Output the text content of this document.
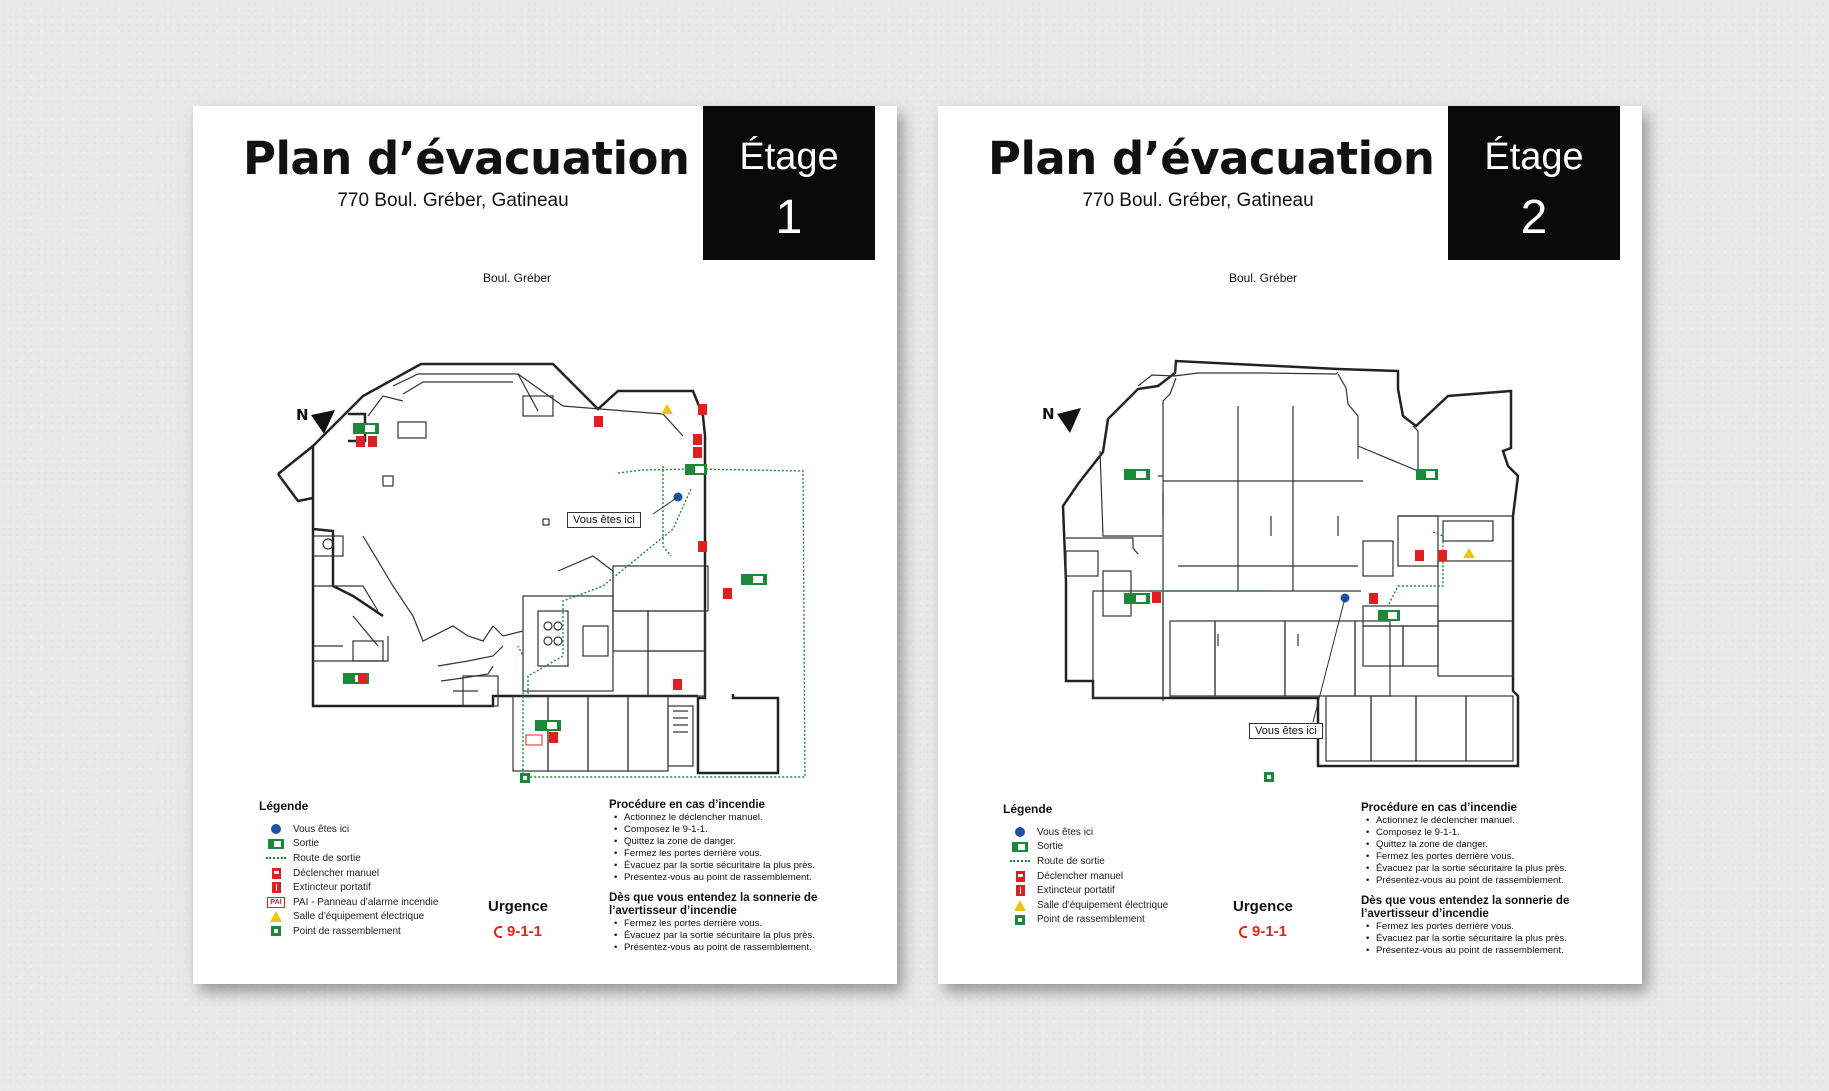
Plan d’évacuation
770 Boul. Gréber, Gatineau
Étage
1
Boul. Gréber
N
Vous êtes ici
Légende
Vous êtes ici
Sortie
Route de sortie
Déclencher manuel
Extincteur portatif
PAI	PAI - Panneau d’alarme incendie
Salle d’équipement électrique
Point de rassemblement
Urgence
9-1-1
Procédure en cas d’incendie
• Actionnez le déclencher manuel.
• Composez le 9-1-1.
• Quittez la zone de danger.
• Fermez les portes derrière vous.
• Évacuez par la sortie sécuritaire la plus près.
• Présentez-vous au point de rassemblement.
Dès que vous entendez la sonnerie de l’avertisseur d’incendie
• Fermez les portes derrière vous.
• Évacuez par la sortie sécuritaire la plus près.
• Présentez-vous au point de rassemblement.
Plan d’évacuation
770 Boul. Gréber, Gatineau
Étage
2
Boul. Gréber
N
Vous êtes ici
Légende
Vous êtes ici
Sortie
Route de sortie
Déclencher manuel
Extincteur portatif
Salle d’équipement électrique
Point de rassemblement
Urgence
9-1-1
Procédure en cas d’incendie
• Actionnez le déclencher manuel.
• Composez le 9-1-1.
• Quittez la zone de danger.
• Fermez les portes derrière vous.
• Évacuez par la sortie sécuritaire la plus près.
• Présentez-vous au point de rassemblement.
Dès que vous entendez la sonnerie de l’avertisseur d’incendie
• Fermez les portes derrière vous.
• Évacuez par la sortie sécuritaire la plus près.
• Présentez-vous au point de rassemblement.
